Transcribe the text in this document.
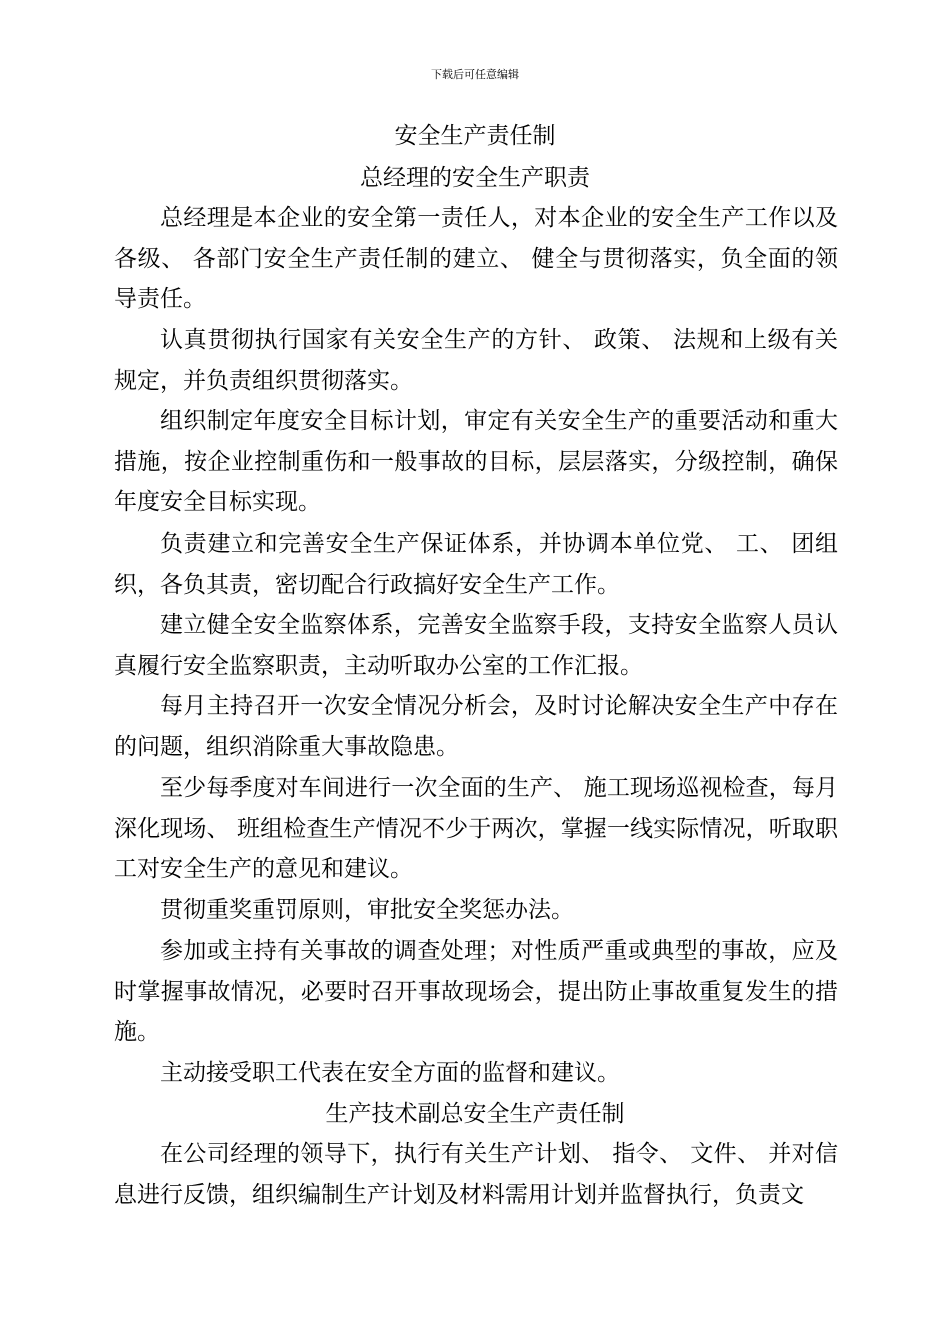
下载后可任意编辑
安全生产责任制
总经理的安全生产职责

总经理是本企业的安全第一责任人，对本企业的安全生产工作以及各级、 各部门安全生产责任制的建立、 健全与贯彻落实，负全面的领导责任。

认真贯彻执行国家有关安全生产的方针、 政策、 法规和上级有关规定，并负责组织贯彻落实。

组织制定年度安全目标计划，审定有关安全生产的重要活动和重大措施，按企业控制重伤和一般事故的目标，层层落实，分级控制，确保年度安全目标实现。

负责建立和完善安全生产保证体系，并协调本单位党、 工、 团组织，各负其责，密切配合行政搞好安全生产工作。

建立健全安全监察体系，完善安全监察手段，支持安全监察人员认真履行安全监察职责，主动听取办公室的工作汇报。

每月主持召开一次安全情况分析会，及时讨论解决安全生产中存在的问题，组织消除重大事故隐患。

至少每季度对车间进行一次全面的生产、 施工现场巡视检查，每月深化现场、 班组检查生产情况不少于两次，掌握一线实际情况，听取职工对安全生产的意见和建议。

贯彻重奖重罚原则，审批安全奖惩办法。

参加或主持有关事故的调查处理；对性质严重或典型的事故，应及时掌握事故情况，必要时召开事故现场会，提出防止事故重复发生的措施。

主动接受职工代表在安全方面的监督和建议。

生产技术副总安全生产责任制

在公司经理的领导下，执行有关生产计划、 指令、 文件、 并对信息进行反馈，组织编制生产计划及材料需用计划并监督执行，负责文
